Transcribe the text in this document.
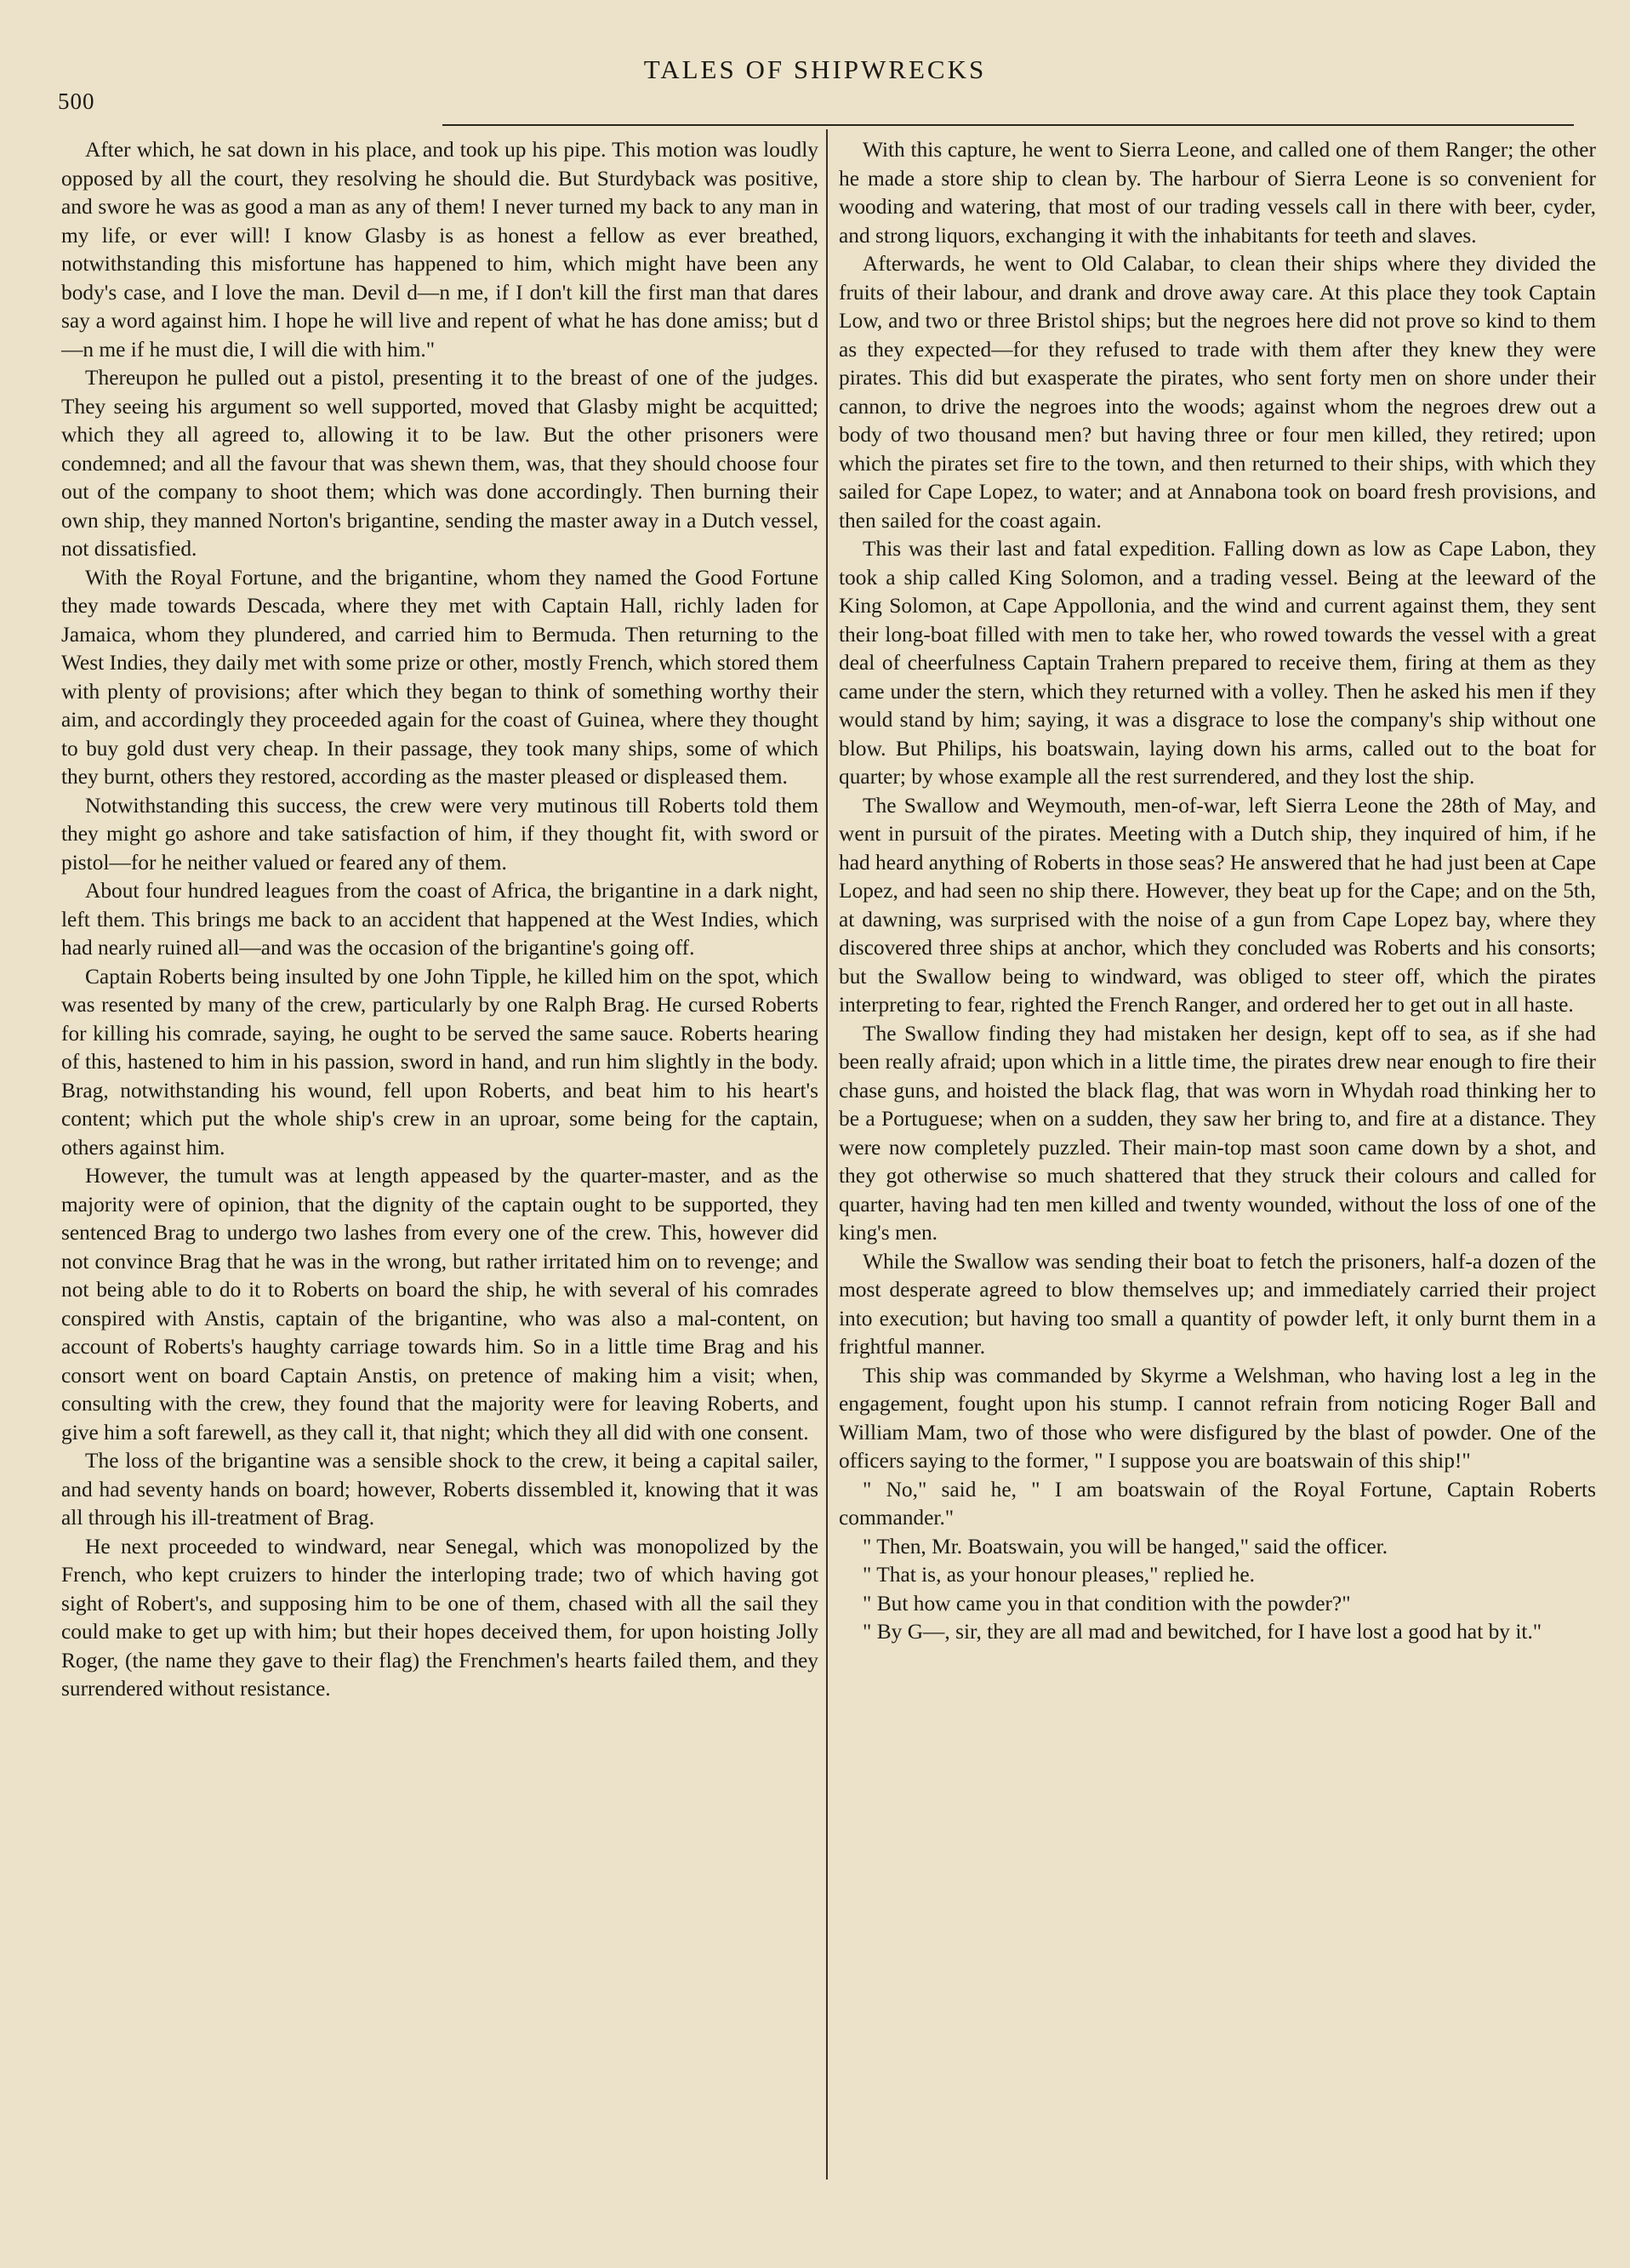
500
TALES OF SHIPWRECKS

After which, he sat down in his place, and took up his pipe. This motion was loudly opposed by all the court, they resolving he should die. But Sturdyback was positive, and swore he was as good a man as any of them! I never turned my back to any man in my life, or ever will! I know Glasby is as honest a fellow as ever breathed, notwithstanding this misfortune has happened to him, which might have been any body's case, and I love the man. Devil d—n me, if I don't kill the first man that dares say a word against him. I hope he will live and repent of what he has done amiss; but d—n me if he must die, I will die with him."

Thereupon he pulled out a pistol, presenting it to the breast of one of the judges. They seeing his argument so well supported, moved that Glasby might be acquitted; which they all agreed to, allowing it to be law. But the other prisoners were condemned; and all the favour that was shewn them, was, that they should choose four out of the company to shoot them; which was done accordingly. Then burning their own ship, they manned Norton's brigantine, sending the master away in a Dutch vessel, not dissatisfied.

With the Royal Fortune, and the brigantine, whom they named the Good Fortune they made towards Descada, where they met with Captain Hall, richly laden for Jamaica, whom they plundered, and carried him to Bermuda. Then returning to the West Indies, they daily met with some prize or other, mostly French, which stored them with plenty of provisions; after which they began to think of something worthy their aim, and accordingly they proceeded again for the coast of Guinea, where they thought to buy gold dust very cheap. In their passage, they took many ships, some of which they burnt, others they restored, according as the master pleased or displeased them.

Notwithstanding this success, the crew were very mutinous till Roberts told them they might go ashore and take satisfaction of him, if they thought fit, with sword or pistol—for he neither valued or feared any of them.

About four hundred leagues from the coast of Africa, the brigantine in a dark night, left them. This brings me back to an accident that happened at the West Indies, which had nearly ruined all—and was the occasion of the brigantine's going off.

Captain Roberts being insulted by one John Tipple, he killed him on the spot, which was resented by many of the crew, particularly by one Ralph Brag. He cursed Roberts for killing his comrade, saying, he ought to be served the same sauce. Roberts hearing of this, hastened to him in his passion, sword in hand, and run him slightly in the body. Brag, notwithstanding his wound, fell upon Roberts, and beat him to his heart's content; which put the whole ship's crew in an uproar, some being for the captain, others against him.

However, the tumult was at length appeased by the quarter-master, and as the majority were of opinion, that the dignity of the captain ought to be supported, they sentenced Brag to undergo two lashes from every one of the crew. This, however did not convince Brag that he was in the wrong, but rather irritated him on to revenge; and not being able to do it to Roberts on board the ship, he with several of his comrades conspired with Anstis, captain of the brigantine, who was also a mal-content, on account of Roberts's haughty carriage towards him. So in a little time Brag and his consort went on board Captain Anstis, on pretence of making him a visit; when, consulting with the crew, they found that the majority were for leaving Roberts, and give him a soft farewell, as they call it, that night; which they all did with one consent.

The loss of the brigantine was a sensible shock to the crew, it being a capital sailer, and had seventy hands on board; however, Roberts dissembled it, knowing that it was all through his ill-treatment of Brag.

He next proceeded to windward, near Senegal, which was monopolized by the French, who kept cruizers to hinder the interloping trade; two of which having got sight of Robert's, and supposing him to be one of them, chased with all the sail they could make to get up with him; but their hopes deceived them, for upon hoisting Jolly Roger, (the name they gave to their flag) the Frenchmen's hearts failed them, and they surrendered without resistance.

With this capture, he went to Sierra Leone, and called one of them Ranger; the other he made a store ship to clean by. The harbour of Sierra Leone is so convenient for wooding and watering, that most of our trading vessels call in there with beer, cyder, and strong liquors, exchanging it with the inhabitants for teeth and slaves.

Afterwards, he went to Old Calabar, to clean their ships where they divided the fruits of their labour, and drank and drove away care. At this place they took Captain Low, and two or three Bristol ships; but the negroes here did not prove so kind to them as they expected—for they refused to trade with them after they knew they were pirates. This did but exasperate the pirates, who sent forty men on shore under their cannon, to drive the negroes into the woods; against whom the negroes drew out a body of two thousand men? but having three or four men killed, they retired; upon which the pirates set fire to the town, and then returned to their ships, with which they sailed for Cape Lopez, to water; and at Annabona took on board fresh provisions, and then sailed for the coast again.

This was their last and fatal expedition. Falling down as low as Cape Labon, they took a ship called King Solomon, and a trading vessel. Being at the leeward of the King Solomon, at Cape Appollonia, and the wind and current against them, they sent their long-boat filled with men to take her, who rowed towards the vessel with a great deal of cheerfulness Captain Trahern prepared to receive them, firing at them as they came under the stern, which they returned with a volley. Then he asked his men if they would stand by him; saying, it was a disgrace to lose the company's ship without one blow. But Philips, his boatswain, laying down his arms, called out to the boat for quarter; by whose example all the rest surrendered, and they lost the ship.

The Swallow and Weymouth, men-of-war, left Sierra Leone the 28th of May, and went in pursuit of the pirates. Meeting with a Dutch ship, they inquired of him, if he had heard anything of Roberts in those seas? He answered that he had just been at Cape Lopez, and had seen no ship there. However, they beat up for the Cape; and on the 5th, at dawning, was surprised with the noise of a gun from Cape Lopez bay, where they discovered three ships at anchor, which they concluded was Roberts and his consorts; but the Swallow being to windward, was obliged to steer off, which the pirates interpreting to fear, righted the French Ranger, and ordered her to get out in all haste.

The Swallow finding they had mistaken her design, kept off to sea, as if she had been really afraid; upon which in a little time, the pirates drew near enough to fire their chase guns, and hoisted the black flag, that was worn in Whydah road thinking her to be a Portuguese; when on a sudden, they saw her bring to, and fire at a distance. They were now completely puzzled. Their main-top mast soon came down by a shot, and they got otherwise so much shattered that they struck their colours and called for quarter, having had ten men killed and twenty wounded, without the loss of one of the king's men.

While the Swallow was sending their boat to fetch the prisoners, half-a dozen of the most desperate agreed to blow themselves up; and immediately carried their project into execution; but having too small a quantity of powder left, it only burnt them in a frightful manner.

This ship was commanded by Skyrme a Welshman, who having lost a leg in the engagement, fought upon his stump. I cannot refrain from noticing Roger Ball and William Mam, two of those who were disfigured by the blast of powder. One of the officers saying to the former, " I suppose you are boatswain of this ship!"

" No," said he, " I am boatswain of the Royal Fortune, Captain Roberts commander."

" Then, Mr. Boatswain, you will be hanged," said the officer.

" That is, as your honour pleases," replied he.

" But how came you in that condition with the powder?"

" By G—, sir, they are all mad and bewitched, for I have lost a good hat by it."
